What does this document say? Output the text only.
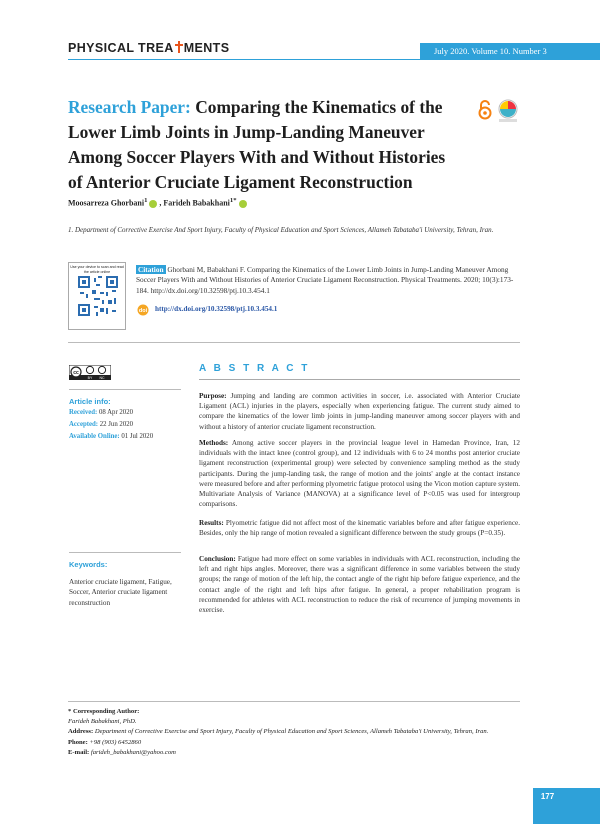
PHYSICAL TREA MENTS	July 2020. Volume 10. Number 3
Research Paper: Comparing the Kinematics of the Lower Limb Joints in Jump-Landing Maneuver Among Soccer Players With and Without Histories of Anterior Cruciate Ligament Reconstruction
Moosarreza Ghorbani$^1$ , Farideh Babakhani$^{1*}$
1. Department of Corrective Exercise And Sport Injury, Faculty of Physical Education and Sport Sciences, Allameh Tabataba'i University, Tehran, Iran.
Use your device to scan and read the article online	Citation Ghorbani M, Babakhani F. Comparing the Kinematics of the Lower Limb Joints in Jump-Landing Maneuver Among Soccer Players With and Without Histories of Anterior Cruciate Ligament Reconstruction. Physical Treatments. 2020; 10(3):173-184. http://dx.doi.org/10.32598/ptj.10.3.454.1
doi http://dx.doi.org/10.32598/ptj.10.3.454.1
cc
BY NC
A B S T R A C T
Article info:
Received: 08 Apr 2020
Accepted: 22 Jun 2020
Available Online: 01 Jul 2020
Keywords:
Anterior cruciate ligament, Fatigue, Soccer, Anterior cruciate ligament reconstruction
Purpose: Jumping and landing are common activities in soccer, i.e. associated with Anterior Cruciate Ligament (ACL) injuries in the players, especially when experiencing fatigue. The current study aimed to compare the kinematics of the lower limb joints in jump-landing maneuver among soccer players with and without a history of anterior cruciate ligament reconstruction.
Methods: Among active soccer players in the provincial league level in Hamedan Province, Iran, 12 individuals with the intact knee (control group), and 12 individuals with 6 to 24 months post anterior cruciate ligament reconstruction (experimental group) were selected by convenience sampling method as the study participants. During the jump-landing task, the range of motion and the joints' angle at the contact instance were measured before and after performing plyometric fatigue protocol using the Vicon motion capture system. Multivariate Analysis of Variance (MANOVA) at a significance level of P<0.05 was used for intergroup comparisons.
Results: Plyometric fatigue did not affect most of the kinematic variables before and after fatigue experience. Besides, only the hip range of motion revealed a significant difference between the study groups (P=0.35).
Conclusion: Fatigue had more effect on some variables in individuals with ACL reconstruction, including the left and right hips angles. Moreover, there was a significant difference in some variables between the study groups; the range of motion of the left hip, the contact angle of the right hip before fatigue experience, and the contact angle of the right and left hips after fatigue. In general, a proper rehabilitation program is recommended for athletes with ACL reconstruction to reduce the risk of recurrence of jumping movements in exercise.
* Corresponding Author:
Farideh Babakhani, PhD.
Address: Department of Corrective Exercise and Sport Injury, Faculty of Physical Education and Sport Sciences, Allameh Tabataba'i University, Tehran, Iran.
Phone: +98 (903) 6452860
E-mail: farideh_babakhani@yahoo.com
177
